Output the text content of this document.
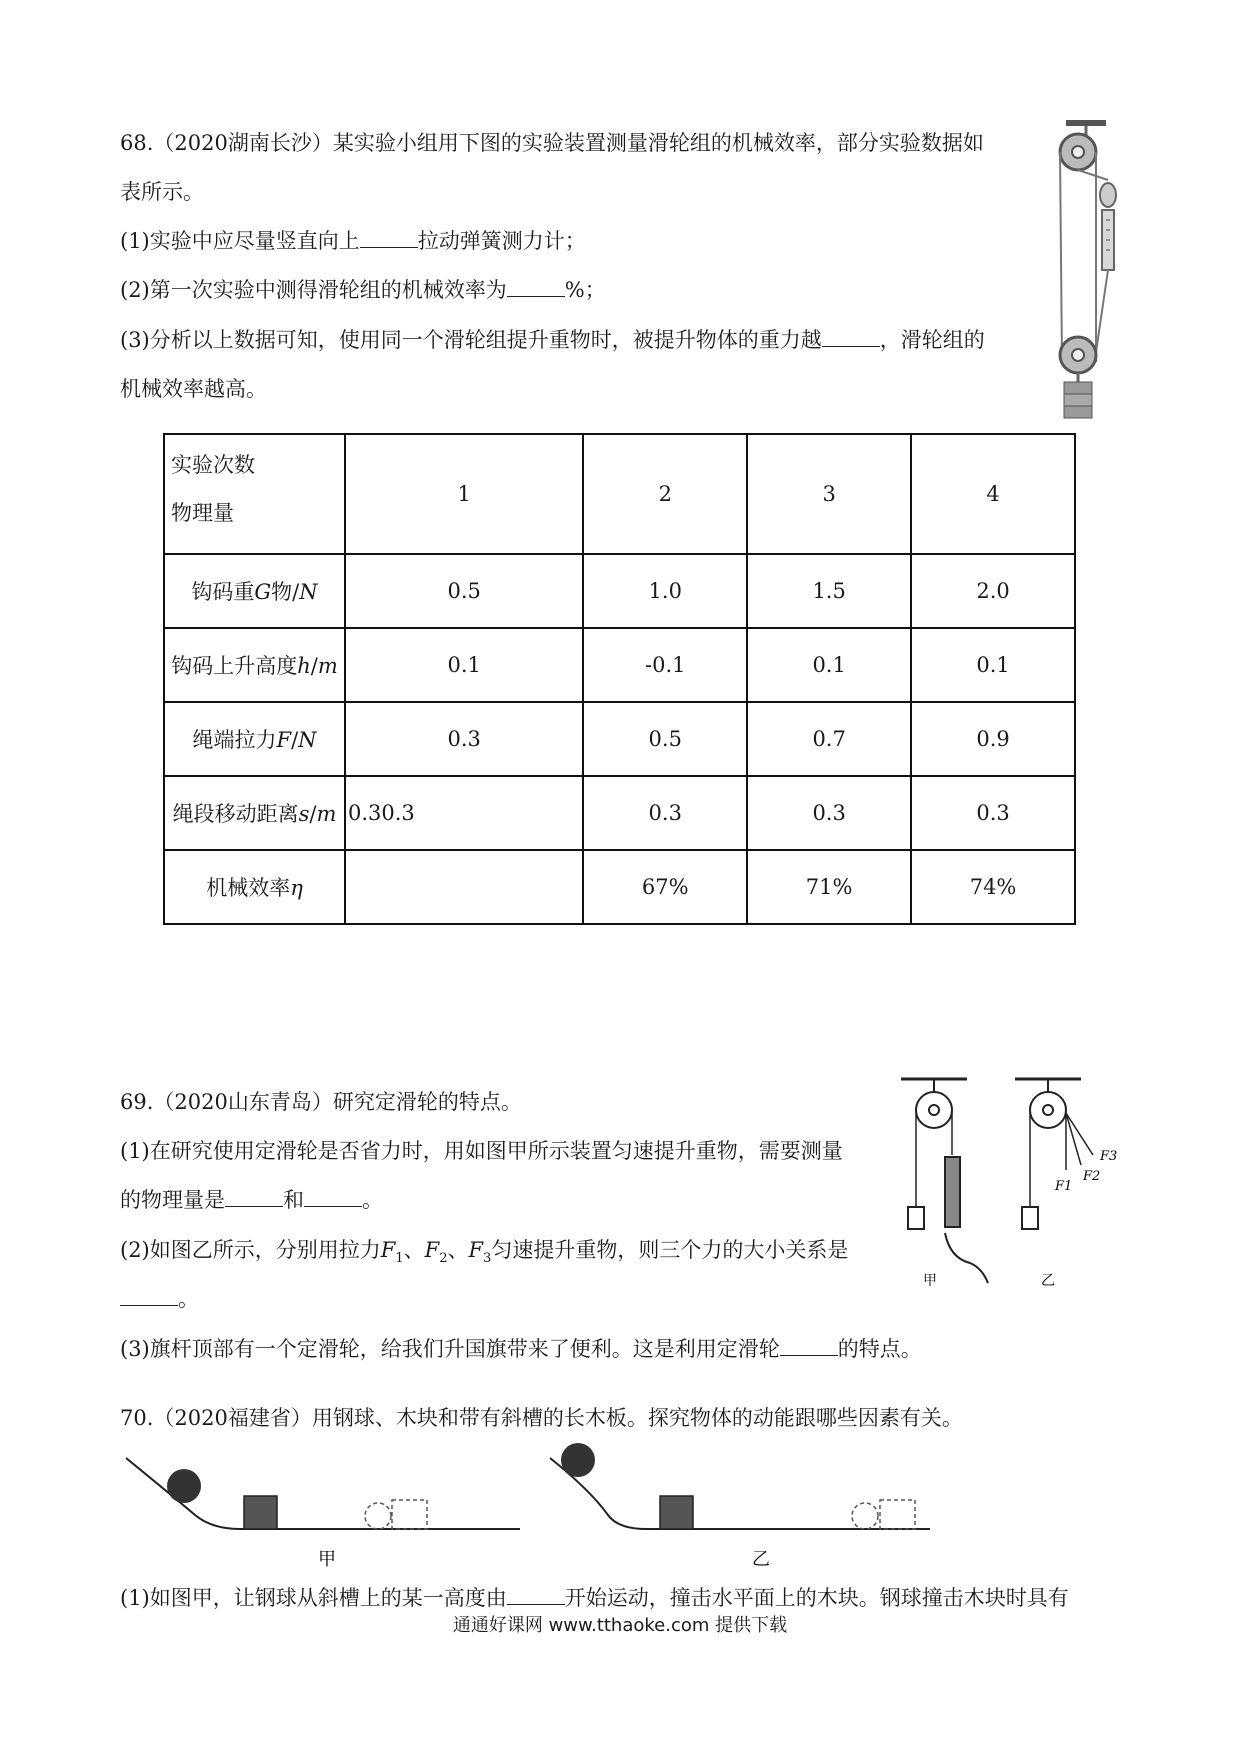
68.（2020湖南长沙）某实验小组用下图的实验装置测量滑轮组的机械效率，部分实验数据如
表所示。
(1)实验中应尽量竖直向上	拉动弹簧测力计；
(2)第一次实验中测得滑轮组的机械效率为	%；
(3)分析以上数据可知，使用同一个滑轮组提升重物时，被提升物体的重力越	，滑轮组的
机械效率越高。
实验次数
物理量	1	2	3	4
钩码重G物/N	0.5	1.0	1.5	2.0
钩码上升高度h/m	0.1	-0.1	0.1	0.1
绳端拉力F/N	0.3	0.5	0.7	0.9
绳段移动距离s/m	0.30.3	0.3	0.3	0.3
机械效率η		67%	71%	74%
69.（2020山东青岛）研究定滑轮的特点。
(1)在研究使用定滑轮是否省力时，用如图甲所示装置匀速提升重物，需要测量
的物理量是	和	。
(2)如图乙所示，分别用拉力$F_1$、$F_2$、$F_3$匀速提升重物，则三个力的大小关系是
。
(3)旗杆顶部有一个定滑轮，给我们升国旗带来了便利。这是利用定滑轮	的特点。
甲
F1
F2
F3
乙
70.（2020福建省）用钢球、木块和带有斜槽的长木板。探究物体的动能跟哪些因素有关。
甲	乙
(1)如图甲，让钢球从斜槽上的某一高度由	开始运动，撞击水平面上的木块。钢球撞击木块时具有
通通好课网 www.tthaoke.com 提供下载
